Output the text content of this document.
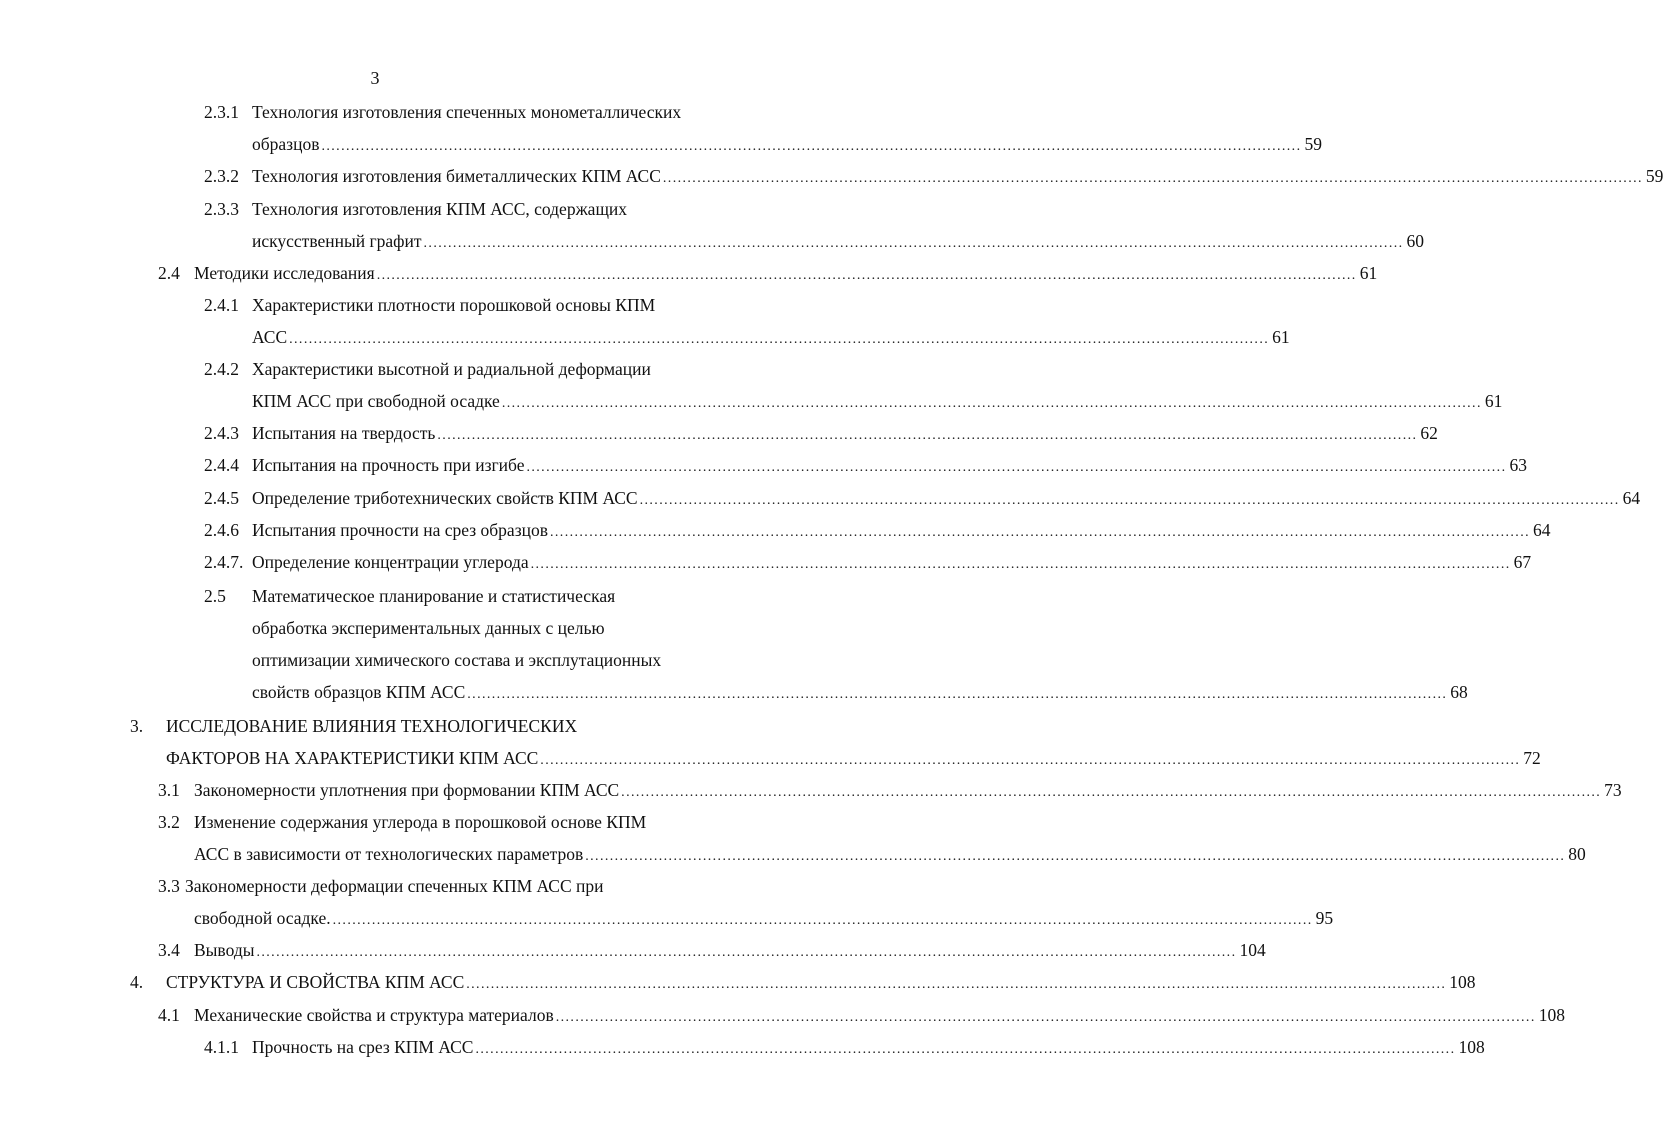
3
2.3.1 Технология изготовления спеченных монометаллических
образцов ........................................................................................................................................................................................................ 59
2.3.2 Технология изготовления биметаллических КПМ АСС ........................................................................................................................................................................................................ 59
2.3.3 Технология изготовления КПМ АСС, содержащих
искусственный графит ........................................................................................................................................................................................................ 60
2.4 Методики исследования ........................................................................................................................................................................................................ 61
2.4.1 Характеристики плотности порошковой основы КПМ
АСС ........................................................................................................................................................................................................ 61
2.4.2 Характеристики высотной и радиальной деформации
КПМ АСС при свободной осадке ........................................................................................................................................................................................................ 61
2.4.3 Испытания на твердость ........................................................................................................................................................................................................ 62
2.4.4 Испытания на прочность при изгибе ........................................................................................................................................................................................................ 63
2.4.5 Определение триботехнических свойств КПМ АСС ........................................................................................................................................................................................................ 64
2.4.6 Испытания прочности на срез образцов ........................................................................................................................................................................................................ 64
2.4.7. Определение концентрации углерода ........................................................................................................................................................................................................ 67
2.5 Математическое планирование и статистическая
обработка экспериментальных данных с целью
оптимизации химического состава и эксплутационных
свойств образцов КПМ АСС ........................................................................................................................................................................................................ 68
3. ИССЛЕДОВАНИЕ ВЛИЯНИЯ ТЕХНОЛОГИЧЕСКИХ
ФАКТОРОВ НА ХАРАКТЕРИСТИКИ КПМ АСС ........................................................................................................................................................................................................ 72
3.1 Закономерности уплотнения при формовании КПМ АСС ........................................................................................................................................................................................................ 73
3.2 Изменение содержания углерода в порошковой основе КПМ
АСС в зависимости от технологических параметров ........................................................................................................................................................................................................ 80
3.3 Закономерности деформации спеченных КПМ АСС при
свободной осадке. ........................................................................................................................................................................................................ 95
3.4 Выводы ........................................................................................................................................................................................................ 104
4. СТРУКТУРА И СВОЙСТВА КПМ АСС ........................................................................................................................................................................................................ 108
4.1 Механические свойства и структура материалов ........................................................................................................................................................................................................ 108
4.1.1 Прочность на срез КПМ АСС ........................................................................................................................................................................................................ 108
